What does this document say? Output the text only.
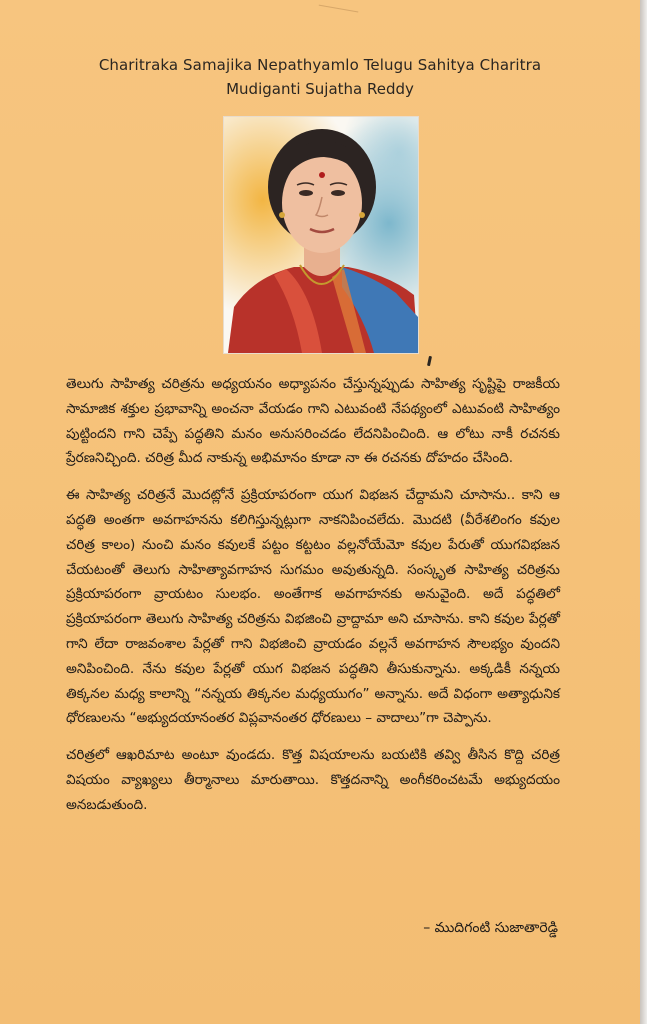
Charitraka Samajika Nepathyamlo Telugu Sahitya Charitra
Mudiganti Sujatha Reddy

తెలుగు సాహిత్య చరిత్రను అధ్యయనం అధ్యాపనం చేస్తున్నప్పుడు సాహిత్య సృష్టిపై రాజకీయ సామాజిక శక్తుల ప్రభావాన్ని అంచనా వేయడం గాని ఎటువంటి నేపథ్యంలో ఎటువంటి సాహిత్యం పుట్టిందని గాని చెప్పే పద్ధతిని మనం అనుసరించడం లేదనిపించింది. ఆ లోటు నాకీ రచనకు ప్రేరణనిచ్చింది. చరిత్ర మీద నాకున్న అభిమానం కూడా నా ఈ రచనకు దోహదం చేసింది.

ఈ సాహిత్య చరిత్రనే మొదట్లోనే ప్రక్రియాపరంగా యుగ విభజన చేద్దామని చూసాను.. కాని ఆ పద్ధతి అంతగా అవగాహనను కలిగిస్తున్నట్లుగా నాకనిపించలేదు. మొదటి (వీరేశలింగం కవుల చరిత్ర కాలం) నుంచి మనం కవులకే పట్టం కట్టటం వల్లనోయేమో కవుల పేరుతో యుగవిభజన చేయటంతో తెలుగు సాహిత్యావగాహన సుగమం అవుతున్నది. సంస్కృత సాహిత్య చరిత్రను ప్రక్రియాపరంగా వ్రాయటం సులభం. అంతేగాక అవగాహనకు అనువైంది. అదే పద్ధతిలో ప్రక్రియాపరంగా తెలుగు సాహిత్య చరిత్రను విభజించి వ్రాద్దామా అని చూసాను. కాని కవుల పేర్లతో గాని లేదా రాజవంశాల పేర్లతో గాని విభజించి వ్రాయడం వల్లనే అవగాహన సౌలభ్యం వుందని అనిపించింది. నేను కవుల పేర్లతో యుగ విభజన పద్ధతిని తీసుకున్నాను. అక్కడికీ నన్నయ తిక్కనల మధ్య కాలాన్ని “నన్నయ తిక్కనల మధ్యయుగం” అన్నాను. అదే విధంగా అత్యాధునిక ధోరణులను “అభ్యుదయానంతర విప్లవానంతర ధోరణులు – వాదాలు”గా చెప్పాను.

చరిత్రలో ఆఖరిమాట అంటూ వుండదు. కొత్త విషయాలను బయటికి తవ్వి తీసిన కొద్ది చరిత్ర విషయం వ్యాఖ్యలు తీర్మానాలు మారుతాయి. కొత్తదనాన్ని అంగీకరించటమే అభ్యుదయం అనబడుతుంది.

– ముదిగంటి సుజాతారెడ్డి
